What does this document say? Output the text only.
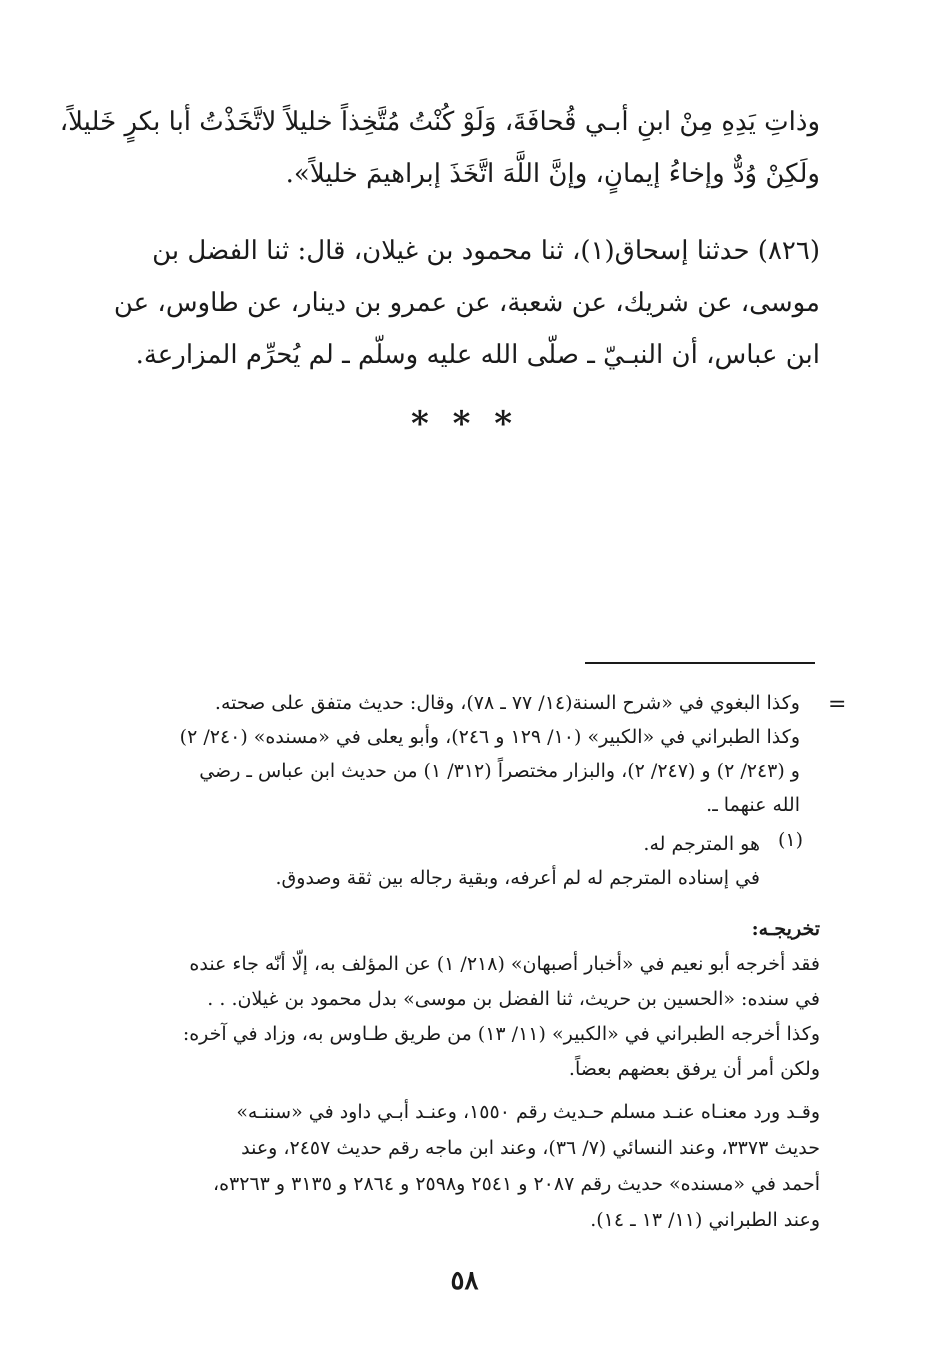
وذاتِ يَدِهِ مِنْ ابنِ أبـي قُحافَةَ، وَلَوْ كُنْتُ مُتَّخِذاً خليلاً لاتَّخَذْتُ أبا بكرٍ خَليلاً،
ولَكِنْ وُدٌّ وإخاءُ إيمانٍ، وإنَّ اللَّهَ اتَّخَذَ إبراهيمَ خليلاً».
(٨٢٦) حدثنا إسحاق(١)، ثنا محمود بن غيلان، قال: ثنا الفضل بن
موسى، عن شريك، عن شعبة، عن عمرو بن دينار، عن طاوس، عن
ابن عباس، أن النبـيّ ـ صلّى الله عليه وسلّم ـ لم يُحرِّم المزارعة.
* * *
=
وكذا البغوي في «شرح السنة(١٤/ ٧٧ ـ ٧٨)، وقال: حديث متفق على صحته.
وكذا الطبراني في «الكبير» (١٠/ ١٢٩ و ٢٤٦)، وأبو يعلى في «مسنده» (٢٤٠/ ٢)
و (٢٤٣/ ٢) و (٢٤٧/ ٢)، والبزار مختصراً (٣١٢/ ١) من حديث ابن عباس ـ رضي
الله عنهما ـ.
(١)
هو المترجم له.
في إسناده المترجم له لم أعرفه، وبقية رجاله بين ثقة وصدوق.
تخريجـه:
فقد أخرجه أبو نعيم في «أخبار أصبهان» (٢١٨/ ١) عن المؤلف به، إلّا أنّه جاء عنده
في سنده: «الحسين بن حريث، ثنا الفضل بن موسى» بدل محمود بن غيلان. . .
وكذا أخرجه الطبراني في «الكبير» (١١/ ١٣) من طريق طـاوس به، وزاد في آخره:
ولكن أمر أن يرفق بعضهم بعضاً.
وقـد ورد معنـاه عنـد مسلم حـديث رقم ١٥٥٠، وعنـد أبـي داود في «سننـه»
حديث ٣٣٧٣، وعند النسائي (٧/ ٣٦)، وعند ابن ماجه رقم حديث ٢٤٥٧، وعند
أحمد في «مسنده» حديث رقم ٢٠٨٧ و ٢٥٤١ و٢٥٩٨ و ٢٨٦٤ و ٣١٣٥ و ٣٢٦٣ه،
وعند الطبراني (١١/ ١٣ ـ ١٤).
٥٨
